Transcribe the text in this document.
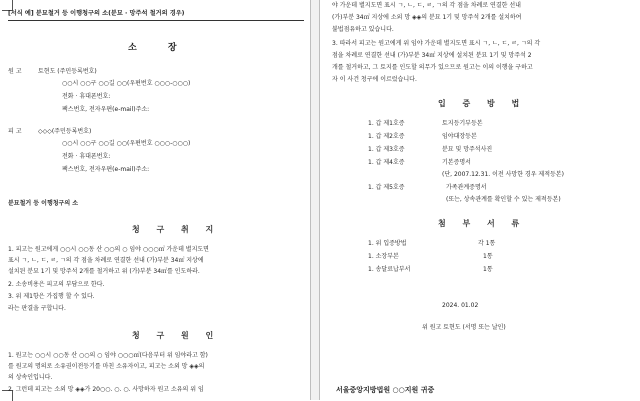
[서식 예] 분묘철거 등 이행청구의 소(분묘 · 망주석 철거의 경우)
소 장
원 고	토현도 (주민등록번호)
○○시 ○○구 ○○길 ○○(우편번호 ○○○-○○○)
전화 · 휴대폰번호:
팩스번호, 전자우편(e-mail)주소:
피 고	◇◇◇(주민등록번호)
○○시 ○○구 ○○길 ○○(우편번호 ○○○-○○○)
전화 · 휴대폰번호:
팩스번호, 전자우편(e-mail)주소:
분묘철거 등 이행청구의 소
청 구 취 지
1. 피고는 원고에게 ○○시 ○○동 산 ○○의 ○ 임야 ○○○㎡ 가운데 별지도면
표시 ㄱ, ㄴ, ㄷ, ㄹ, ㄱ의 각 점을 차례로 연결한 선내 (가)부분 34㎡ 지상에
설치된 분묘 1기 및 망주석 2개를 철거하고 위 (가)부분 34㎡를 인도하라.
2. 소송비용은 피고의 부담으로 한다.
3. 위 제1항은 가집행 할 수 있다.
라는 판결을 구합니다.
청 구 원 인
1. 원고는 ○○시 ○○동 산 ○○의 ○ 임야 ○○○㎡(다음부터 위 임야라고 함)
를 원고의 명의로 소유권이전등기를 마친 소유자이고, 피고는 소외 망 ◈◈의
의 상속인입니다.
2. 그런데 피고는 소외 망 ◈◈가 20○○. ○. ○. 사망하자 원고 소유의 위 임
야 가운데 별지도면 표시 ㄱ, ㄴ, ㄷ, ㄹ, ㄱ의 각 점을 차례로 연결한 선내
(가)부분 34㎡ 지상에 소외 망 ◈◈의 분묘 1기 및 망주석 2개를 설치하여
불법점유하고 있습니다.
3. 따라서 피고는 원고에게 위 임야 가운데 별지도면 표시 ㄱ, ㄴ, ㄷ, ㄹ, ㄱ의 각
점을 차례로 연결한 선내 (가)부분 34㎡ 지상에 설치된 분묘 1기 및 망주석 2
개를 철거하고, 그 토지를 인도할 의무가 있으므로 원고는 이의 이행을 구하고
자 이 사건 청구에 이르렀습니다.
입 증 방 법
1. 갑 제1호증	토지등기부등본
1. 갑 제2호증	임야대장등본
1. 갑 제3호증	분묘 및 망주석사진
1. 갑 제4호증	기본증명서
(단, 2007.12.31. 이전 사망한 경우 제적등본)
1. 갑 제5호증	가족관계증명서
(또는, 상속관계를 확인할 수 있는 제적등본)
첨 부 서 류
1. 위 입증방법	각 1통
1. 소장부본	1통
1. 송달료납부서	1통
2024. 01.02
위 원고 토현도 (서명 또는 날인)
서울중앙지방법원 ○○지원 귀중
